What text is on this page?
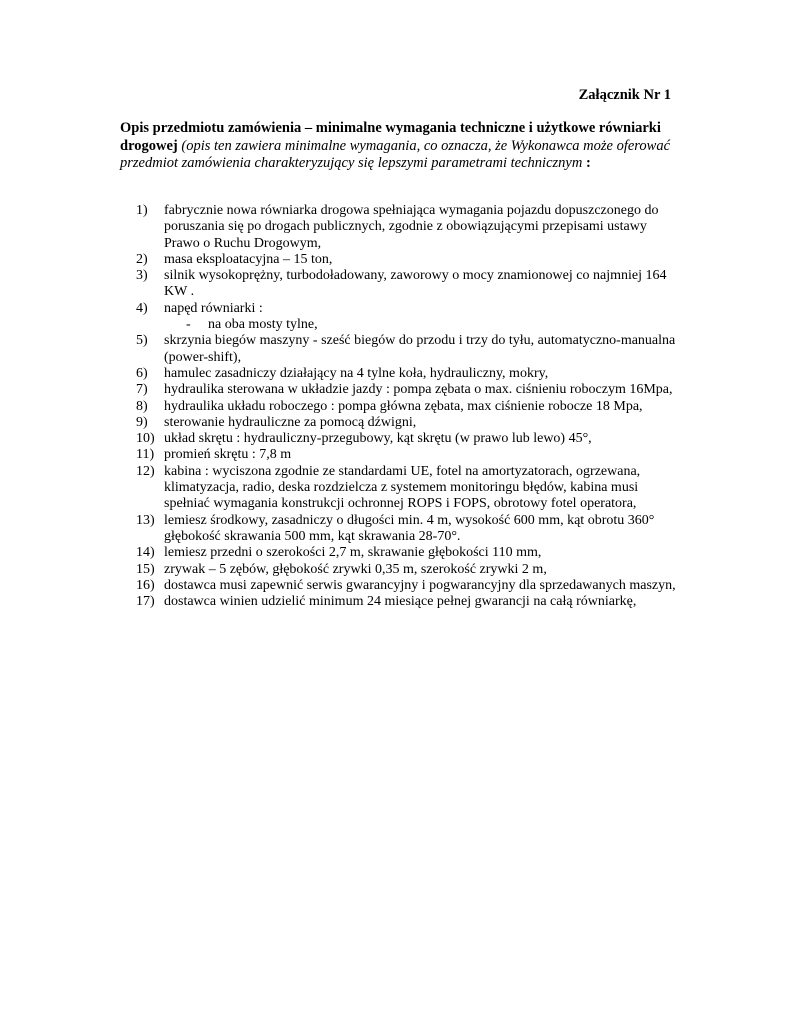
Załącznik Nr 1
Opis przedmiotu zamówienia – minimalne wymagania techniczne i użytkowe równiarki drogowej (opis ten zawiera minimalne wymagania, co oznacza, że Wykonawca może oferować przedmiot zamówienia charakteryzujący się lepszymi parametrami technicznym :
1)	fabrycznie nowa równiarka drogowa spełniająca wymagania pojazdu dopuszczonego do poruszania się po drogach publicznych, zgodnie z obowiązującymi przepisami ustawy Prawo o Ruchu Drogowym,
2)	masa eksploatacyjna – 15 ton,
3)	silnik wysokoprężny, turbodoładowany, zaworowy o mocy znamionowej co najmniej 164 KW .
4)	napęd równiarki :
- na oba mosty tylne,
5)	skrzynia biegów maszyny - sześć biegów do przodu i trzy do tyłu, automatyczno-manualna (power-shift),
6)	hamulec zasadniczy działający na 4 tylne koła, hydrauliczny, mokry,
7)	hydraulika sterowana w układzie jazdy : pompa zębata o max. ciśnieniu roboczym 16Mpa,
8)	hydraulika układu roboczego : pompa główna zębata, max ciśnienie robocze 18 Mpa,
9)	sterowanie hydrauliczne za pomocą dźwigni,
10) układ skrętu : hydrauliczny-przegubowy, kąt skrętu (w prawo lub lewo) 45°,
11) promień skrętu : 7,8 m
12) kabina : wyciszona zgodnie ze standardami UE, fotel na amortyzatorach, ogrzewana, klimatyzacja, radio, deska rozdzielcza z systemem monitoringu błędów, kabina musi spełniać wymagania konstrukcji ochronnej ROPS i FOPS, obrotowy fotel operatora,
13) lemiesz środkowy, zasadniczy o długości min. 4 m, wysokość 600 mm, kąt obrotu 360° głębokość skrawania 500 mm, kąt skrawania 28-70°.
14) lemiesz przedni o szerokości 2,7 m, skrawanie głębokości 110 mm,
15) zrywak – 5 zębów, głębokość zrywki 0,35 m, szerokość zrywki 2 m,
16) dostawca musi zapewnić serwis gwarancyjny i pogwarancyjny dla sprzedawanych maszyn,
17) dostawca winien udzielić minimum 24 miesiące pełnej gwarancji na całą równiarkę,
